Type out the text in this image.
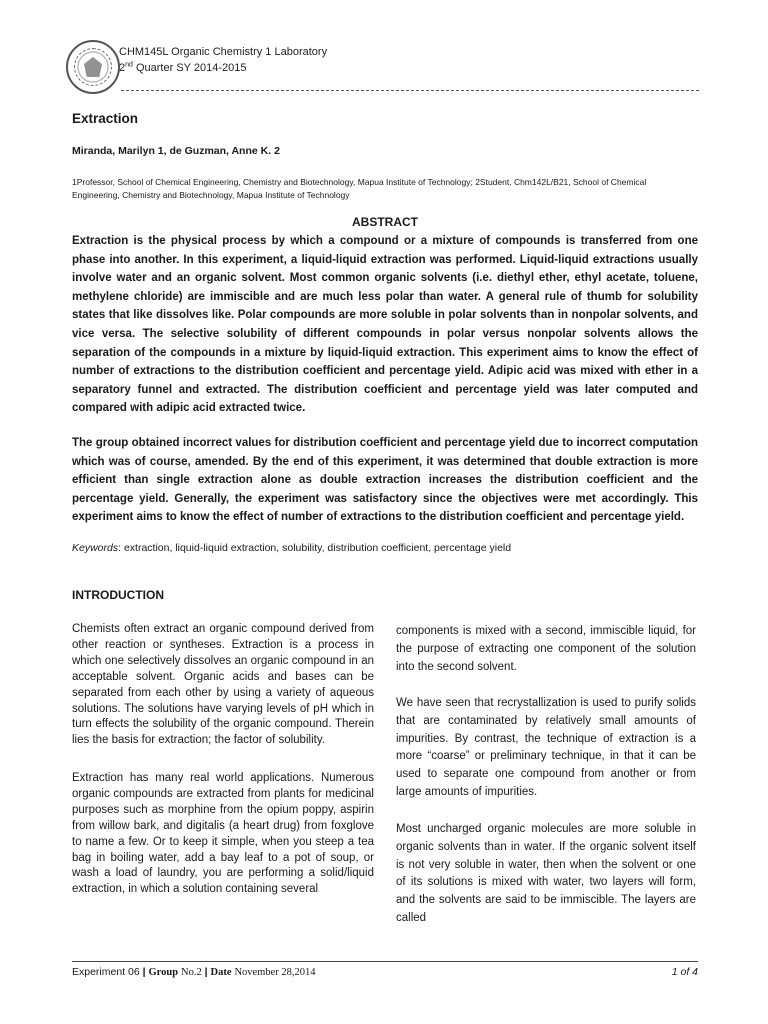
CHM145L Organic Chemistry 1 Laboratory
2nd Quarter SY 2014-2015
Extraction
Miranda, Marilyn 1, de Guzman, Anne K. 2
1Professor, School of Chemical Engineering, Chemistry and Biotechnology, Mapua Institute of Technology; 2Student, Chm142L/B21, School of Chemical Engineering, Chemistry and Biotechnology, Mapua Institute of Technology
ABSTRACT
Extraction is the physical process by which a compound or a mixture of compounds is transferred from one phase into another. In this experiment, a liquid-liquid extraction was performed. Liquid-liquid extractions usually involve water and an organic solvent. Most common organic solvents (i.e. diethyl ether, ethyl acetate, toluene, methylene chloride) are immiscible and are much less polar than water. A general rule of thumb for solubility states that like dissolves like. Polar compounds are more soluble in polar solvents than in nonpolar solvents, and vice versa. The selective solubility of different compounds in polar versus nonpolar solvents allows the separation of the compounds in a mixture by liquid-liquid extraction. This experiment aims to know the effect of number of extractions to the distribution coefficient and percentage yield. Adipic acid was mixed with ether in a separatory funnel and extracted. The distribution coefficient and percentage yield was later computed and compared with adipic acid extracted twice.
The group obtained incorrect values for distribution coefficient and percentage yield due to incorrect computation which was of course, amended. By the end of this experiment, it was determined that double extraction is more efficient than single extraction alone as double extraction increases the distribution coefficient and the percentage yield. Generally, the experiment was satisfactory since the objectives were met accordingly. This experiment aims to know the effect of number of extractions to the distribution coefficient and percentage yield.
Keywords: extraction, liquid-liquid extraction, solubility, distribution coefficient, percentage yield
INTRODUCTION
Chemists often extract an organic compound derived from other reaction or syntheses. Extraction is a process in which one selectively dissolves an organic compound in an acceptable solvent. Organic acids and bases can be separated from each other by using a variety of aqueous solutions. The solutions have varying levels of pH which in turn effects the solubility of the organic compound. Therein lies the basis for extraction; the factor of solubility.
Extraction has many real world applications. Numerous organic compounds are extracted from plants for medicinal purposes such as morphine from the opium poppy, aspirin from willow bark, and digitalis (a heart drug) from foxglove to name a few. Or to keep it simple, when you steep a tea bag in boiling water, add a bay leaf to a pot of soup, or wash a load of laundry, you are performing a solid/liquid extraction, in which a solution containing several
components is mixed with a second, immiscible liquid, for the purpose of extracting one component of the solution into the second solvent.
We have seen that recrystallization is used to purify solids that are contaminated by relatively small amounts of impurities. By contrast, the technique of extraction is a more “coarse” or preliminary technique, in that it can be used to separate one compound from another or from large amounts of impurities.
Most uncharged organic molecules are more soluble in organic solvents than in water. If the organic solvent itself is not very soluble in water, then when the solvent or one of its solutions is mixed with water, two layers will form, and the solvents are said to be immiscible. The layers are called
Experiment 06 | Group No.2 | Date November 28,2014	1 of 4
